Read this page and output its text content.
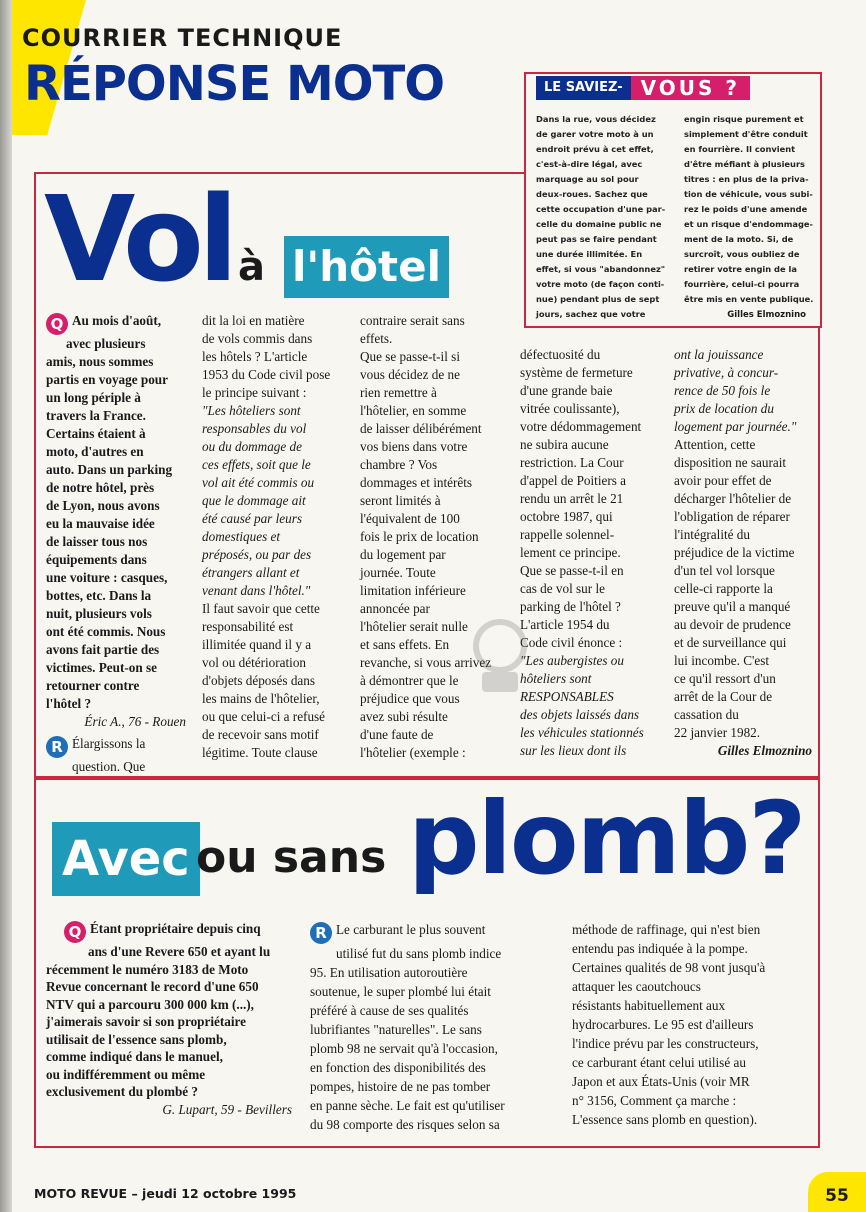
COURRIER TECHNIQUE
RÉPONSE MOTO	LE SAVIEZ- VOUS ?
Dans la rue, vous décidez
de garer votre moto à un
endroit prévu à cet effet,
c'est-à-dire légal, avec
marquage au sol pour
deux-roues. Sachez que
cette occupation d'une par-
celle du domaine public ne
peut pas se faire pendant
une durée illimitée. En
effet, si vous "abandonnez"
votre moto (de façon conti-
nue) pendant plus de sept
jours, sachez que votre
engin risque purement et
simplement d'être conduit
en fourrière. Il convient
d'être méfiant à plusieurs
titres : en plus de la priva-
tion de véhicule, vous subi-
rez le poids d'une amende
et un risque d'endommage-
ment de la moto. Si, de
surcroît, vous oubliez de
retirer votre engin de la
fourrière, celui-ci pourra
être mis en vente publique.
Gilles Elmoznino
Vol à l'hôtel
Q Au mois d'août,
avec plusieurs
amis, nous sommes
partis en voyage pour
un long périple à
travers la France.
Certains étaient à
moto, d'autres en
auto. Dans un parking
de notre hôtel, près
de Lyon, nous avons
eu la mauvaise idée
de laisser tous nos
équipements dans
une voiture : casques,
bottes, etc. Dans la
nuit, plusieurs vols
ont été commis. Nous
avons fait partie des
victimes. Peut-on se
retourner contre
l'hôtel ?
Éric A., 76 - Rouen
R Élargissons la
question. Que
dit la loi en matière
de vols commis dans
les hôtels ? L'article
1953 du Code civil pose
le principe suivant :
"Les hôteliers sont
responsables du vol
ou du dommage de
ces effets, soit que le
vol ait été commis ou
que le dommage ait
été causé par leurs
domestiques et
préposés, ou par des
étrangers allant et
venant dans l'hôtel."
Il faut savoir que cette
responsabilité est
illimitée quand il y a
vol ou détérioration
d'objets déposés dans
les mains de l'hôtelier,
ou que celui-ci a refusé
de recevoir sans motif
légitime. Toute clause
contraire serait sans
effets.
Que se passe-t-il si
vous décidez de ne
rien remettre à
l'hôtelier, en somme
de laisser délibérément
vos biens dans votre
chambre ? Vos
dommages et intérêts
seront limités à
l'équivalent de 100
fois le prix de location
du logement par
journée. Toute
limitation inférieure
annoncée par
l'hôtelier serait nulle
et sans effets. En
revanche, si vous arrivez
à démontrer que le
préjudice que vous
avez subi résulte
d'une faute de
l'hôtelier (exemple :
défectuosité du
système de fermeture
d'une grande baie
vitrée coulissante),
votre dédommagement
ne subira aucune
restriction. La Cour
d'appel de Poitiers a
rendu un arrêt le 21
octobre 1987, qui
rappelle solennel-
lement ce principe.
Que se passe-t-il en
cas de vol sur le
parking de l'hôtel ?
L'article 1954 du
Code civil énonce :
"Les aubergistes ou
hôteliers sont
RESPONSABLES
des objets laissés dans
les véhicules stationnés
sur les lieux dont ils
ont la jouissance
privative, à concur-
rence de 50 fois le
prix de location du
logement par journée."
Attention, cette
disposition ne saurait
avoir pour effet de
décharger l'hôtelier de
l'obligation de réparer
l'intégralité du
préjudice de la victime
d'un tel vol lorsque
celle-ci rapporte la
preuve qu'il a manqué
au devoir de prudence
et de surveillance qui
lui incombe. C'est
ce qu'il ressort d'un
arrêt de la Cour de
cassation du
22 janvier 1982.
Gilles Elmoznino
Avec ou sans plomb?
Q Étant propriétaire depuis cinq
ans d'une Revere 650 et ayant lu
récemment le numéro 3183 de Moto
Revue concernant le record d'une 650
NTV qui a parcouru 300 000 km (...),
j'aimerais savoir si son propriétaire
utilisait de l'essence sans plomb,
comme indiqué dans le manuel,
ou indifféremment ou même
exclusivement du plombé ?
G. Lupart, 59 - Bevillers
R Le carburant le plus souvent
utilisé fut du sans plomb indice
95. En utilisation autoroutière
soutenue, le super plombé lui était
préféré à cause de ses qualités
lubrifiantes "naturelles". Le sans
plomb 98 ne servait qu'à l'occasion,
en fonction des disponibilités des
pompes, histoire de ne pas tomber
en panne sèche. Le fait est qu'utiliser
du 98 comporte des risques selon sa
méthode de raffinage, qui n'est bien
entendu pas indiquée à la pompe.
Certaines qualités de 98 vont jusqu'à
attaquer les caoutchoucs
résistants habituellement aux
hydrocarbures. Le 95 est d'ailleurs
l'indice prévu par les constructeurs,
ce carburant étant celui utilisé au
Japon et aux États-Unis (voir MR
n° 3156, Comment ça marche :
L'essence sans plomb en question).
MOTO REVUE – jeudi 12 octobre 1995	55
